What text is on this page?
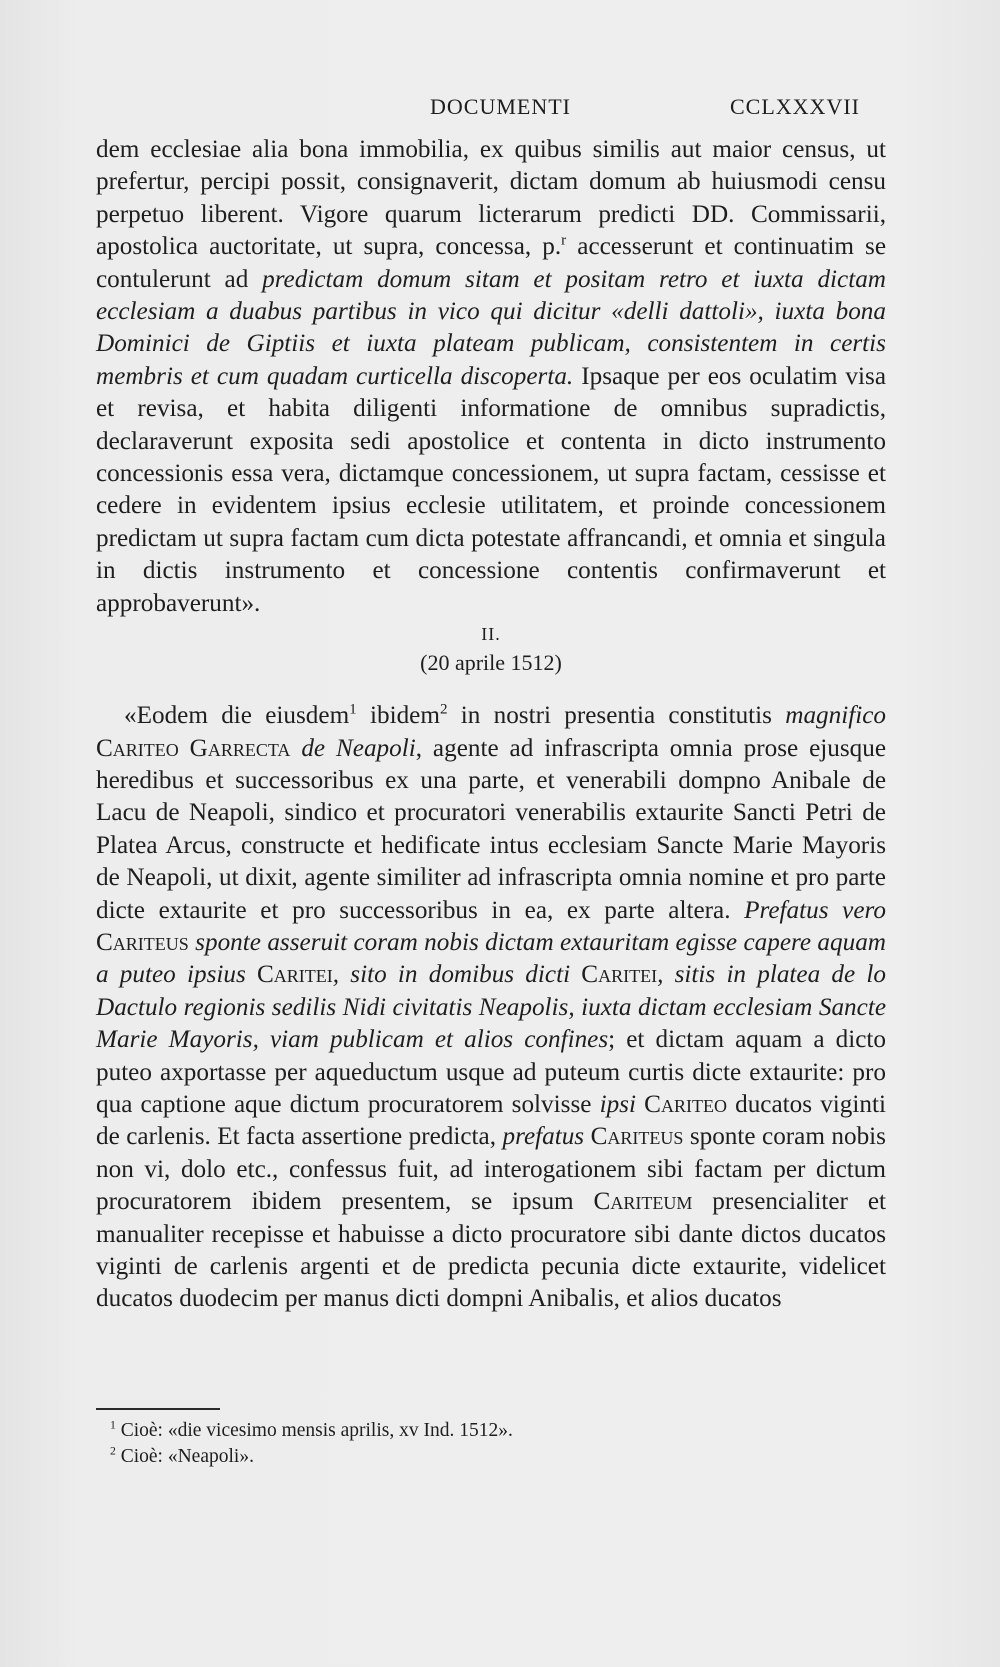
DOCUMENTI	CCLXXXVII

dem ecclesiae alia bona immobilia, ex quibus similis aut maior census, ut prefertur, percipi possit, consignaverit, dictam domum ab huiusmodi censu perpetuo liberent. Vigore quarum licterarum predicti DD. Commissarii, apostolica auctoritate, ut supra, concessa, p.$^r$ accesserunt et continuatim se contulerunt ad predictam domum sitam et positam retro et iuxta dictam ecclesiam a duabus partibus in vico qui dicitur «delli dattoli», iuxta bona Dominici de Giptiis et iuxta plateam publicam, consistentem in certis membris et cum quadam curticella discoperta. Ipsaque per eos oculatim visa et revisa, et habita diligenti informatione de omnibus supradictis, declaraverunt exposita sedi apostolice et contenta in dicto instrumento concessionis essa vera, dictamque concessionem, ut supra factam, cessisse et cedere in evidentem ipsius ecclesie utilitatem, et proinde concessionem predictam ut supra factam cum dicta potestate affrancandi, et omnia et singula in dictis instrumento et concessione contentis confirmaverunt et approbaverunt».

II.

(20 aprile 1512)

«Eodem die eiusdem$^1$ ibidem$^2$ in nostri presentia constitutis magnifico Cariteo Garrecta de Neapoli, agente ad infrascripta omnia prose ejusque heredibus et successoribus ex una parte, et venerabili dompno Anibale de Lacu de Neapoli, sindico et procuratori venerabilis extaurite Sancti Petri de Platea Arcus, constructe et hedificate intus ecclesiam Sancte Marie Mayoris de Neapoli, ut dixit, agente similiter ad infrascripta omnia nomine et pro parte dicte extaurite et pro successoribus in ea, ex parte altera. Prefatus vero Cariteus sponte asseruit coram nobis dictam extauritam egisse capere aquam a puteo ipsius Caritei, sito in domibus dicti Caritei, sitis in platea de lo Dactulo regionis sedilis Nidi civitatis Neapolis, iuxta dictam ecclesiam Sancte Marie Mayoris, viam publicam et alios confines; et dictam aquam a dicto puteo axportasse per aqueductum usque ad puteum curtis dicte extaurite: pro qua captione aque dictum procuratorem solvisse ipsi Cariteo ducatos viginti de carlenis. Et facta assertione predicta, prefatus Cariteus sponte coram nobis non vi, dolo etc., confessus fuit, ad interogationem sibi factam per dictum procuratorem ibidem presentem, se ipsum Cariteum presencialiter et manualiter recepisse et habuisse a dicto procuratore sibi dante dictos ducatos viginti de carlenis argenti et de predicta pecunia dicte extaurite, videlicet ducatos duodecim per manus dicti dompni Anibalis, et alios ducatos

$^1$ Cioè: «die vicesimo mensis aprilis, xv Ind. 1512».

$^2$ Cioè: «Neapoli».
